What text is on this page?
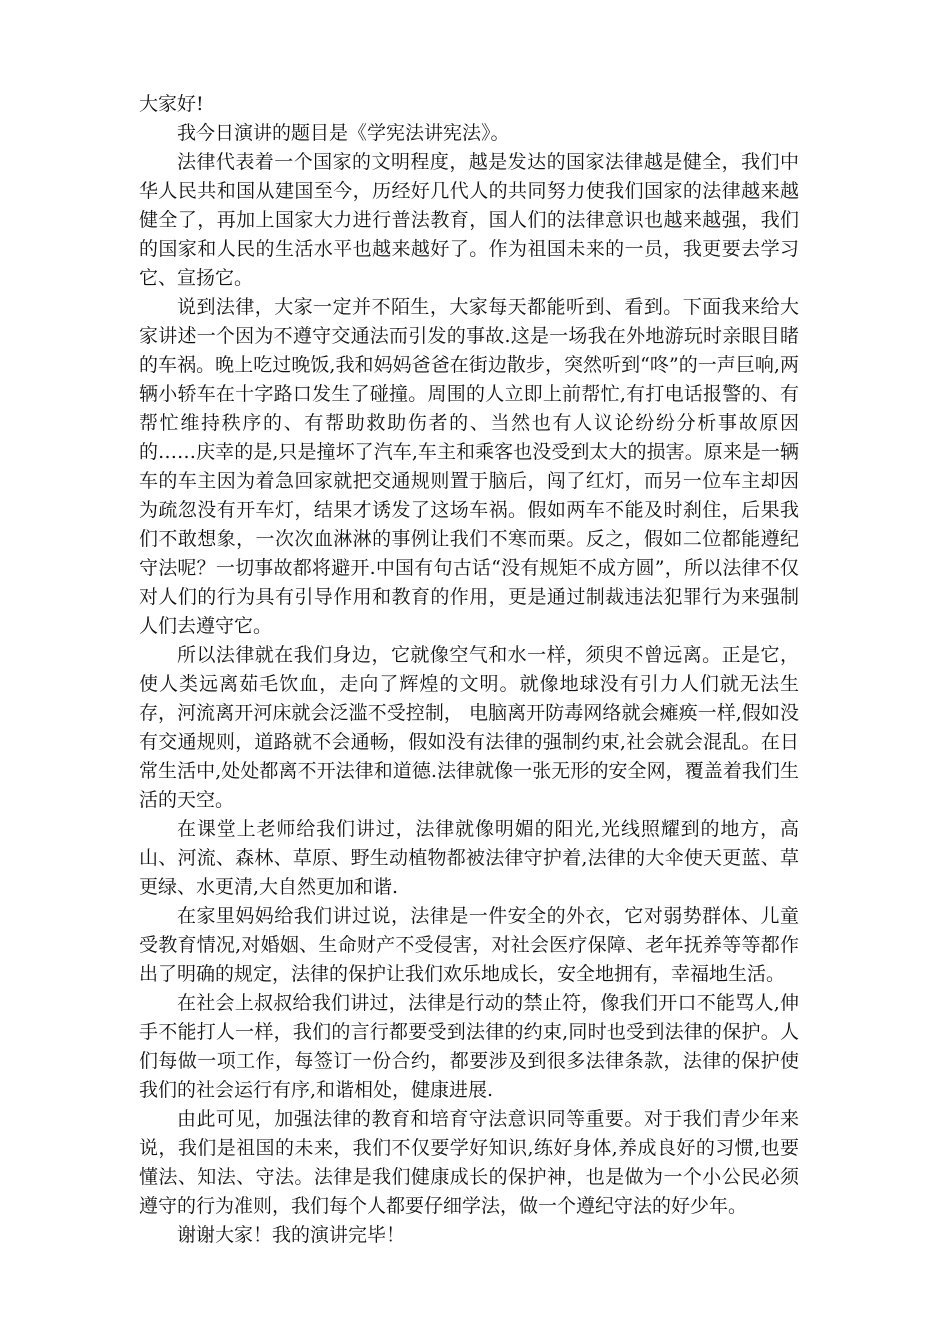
大家好!

我今日演讲的题目是《学宪法讲宪法》。

法律代表着一个国家的文明程度，越是发达的国家法律越是健全，我们中华人民共和国从建国至今，历经好几代人的共同努力使我们国家的法律越来越健全了，再加上国家大力进行普法教育，国人们的法律意识也越来越强，我们的国家和人民的生活水平也越来越好了。作为祖国未来的一员，我更要去学习它、宣扬它。

说到法律，大家一定并不陌生，大家每天都能听到、看到。下面我来给大家讲述一个因为不遵守交通法而引发的事故.这是一场我在外地游玩时亲眼目睹的车祸。晚上吃过晚饭,我和妈妈爸爸在街边散步，突然听到“咚”的一声巨响,两辆小轿车在十字路口发生了碰撞。周围的人立即上前帮忙,有打电话报警的、有帮忙维持秩序的、有帮助救助伤者的、当然也有人议论纷纷分析事故原因的……庆幸的是,只是撞坏了汽车,车主和乘客也没受到太大的损害。原来是一辆车的车主因为着急回家就把交通规则置于脑后，闯了红灯，而另一位车主却因为疏忽没有开车灯，结果才诱发了这场车祸。假如两车不能及时刹住，后果我们不敢想象，一次次血淋淋的事例让我们不寒而栗。反之，假如二位都能遵纪守法呢？一切事故都将避开.中国有句古话“没有规矩不成方圆”，所以法律不仅对人们的行为具有引导作用和教育的作用，更是通过制裁违法犯罪行为来强制人们去遵守它。

所以法律就在我们身边，它就像空气和水一样，须臾不曾远离。正是它，使人类远离茹毛饮血，走向了辉煌的文明。就像地球没有引力人们就无法生存，河流离开河床就会泛滥不受控制， 电脑离开防毒网络就会瘫痪一样,假如没有交通规则，道路就不会通畅，假如没有法律的强制约束,社会就会混乱。在日常生活中,处处都离不开法律和道德.法律就像一张无形的安全网，覆盖着我们生活的天空。

在课堂上老师给我们讲过，法律就像明媚的阳光,光线照耀到的地方，高山、河流、森林、草原、野生动植物都被法律守护着,法律的大伞使天更蓝、草更绿、水更清,大自然更加和谐.

在家里妈妈给我们讲过说，法律是一件安全的外衣，它对弱势群体、儿童受教育情况,对婚姻、生命财产不受侵害，对社会医疗保障、老年抚养等等都作出了明确的规定，法律的保护让我们欢乐地成长，安全地拥有，幸福地生活。

在社会上叔叔给我们讲过，法律是行动的禁止符，像我们开口不能骂人,伸手不能打人一样，我们的言行都要受到法律的约束,同时也受到法律的保护。人们每做一项工作，每签订一份合约，都要涉及到很多法律条款，法律的保护使我们的社会运行有序,和谐相处，健康进展.

由此可见，加强法律的教育和培育守法意识同等重要。对于我们青少年来说，我们是祖国的未来，我们不仅要学好知识,练好身体,养成良好的习惯,也要懂法、知法、守法。法律是我们健康成长的保护神，也是做为一个小公民必须遵守的行为准则，我们每个人都要仔细学法，做一个遵纪守法的好少年。

谢谢大家！我的演讲完毕！
